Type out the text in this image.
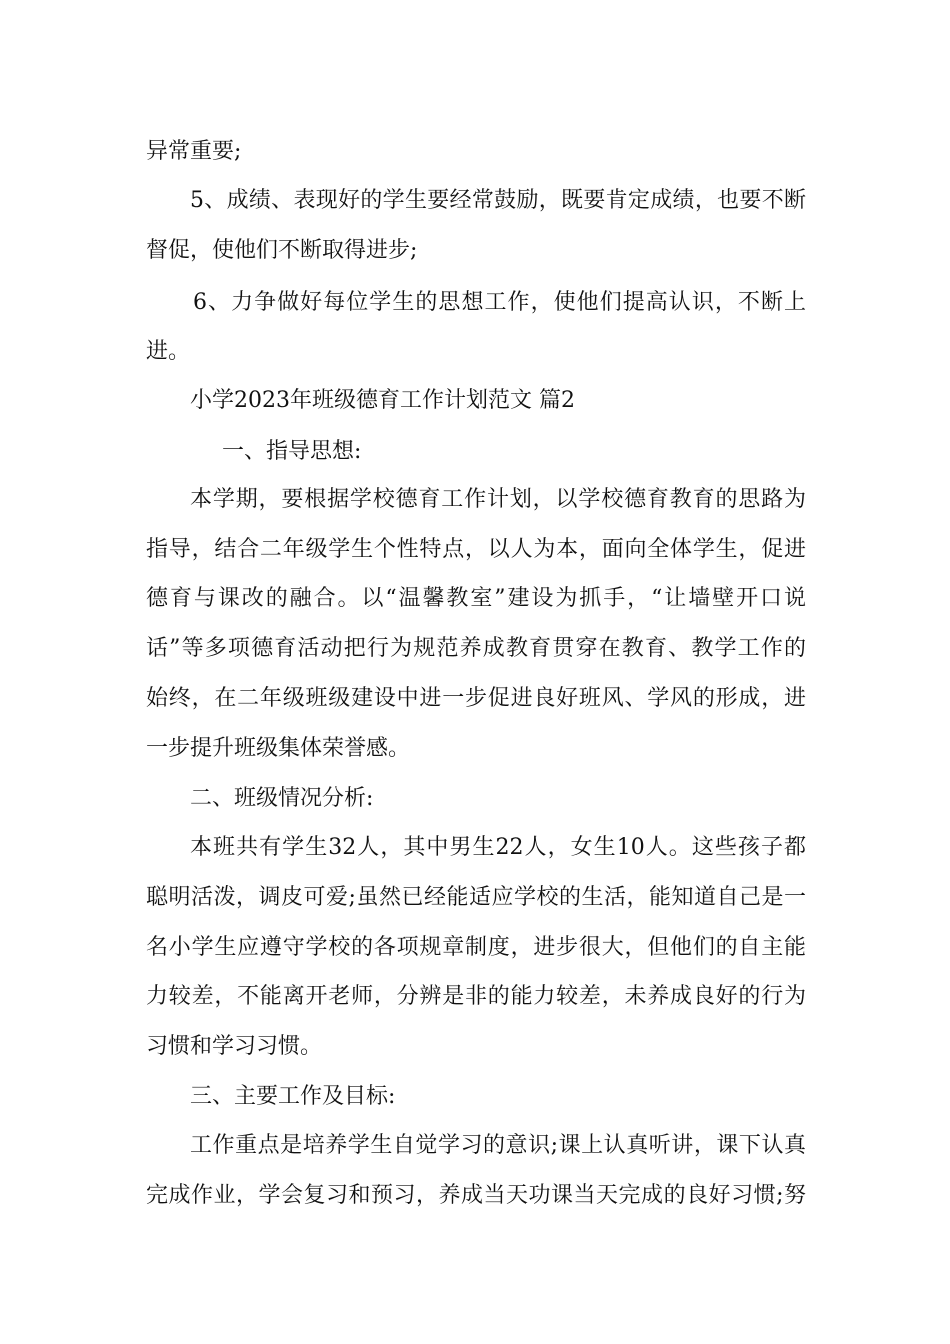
异常重要;
5、成绩、表现好的学生要经常鼓励，既要肯定成绩，也要不断
督促，使他们不断取得进步;
6、力争做好每位学生的思想工作，使他们提高认识，不断上
进。
小学2023年班级德育工作计划范文 篇2
一、指导思想:
本学期，要根据学校德育工作计划，以学校德育教育的思路为
指导，结合二年级学生个性特点，以人为本，面向全体学生，促进
德育与课改的融合。以“温馨教室”建设为抓手，“让墙壁开口说
话”等多项德育活动把行为规范养成教育贯穿在教育、教学工作的
始终，在二年级班级建设中进一步促进良好班风、学风的形成，进
一步提升班级集体荣誉感。
二、班级情况分析:
本班共有学生32人，其中男生22人，女生10人。这些孩子都
聪明活泼，调皮可爱;虽然已经能适应学校的生活，能知道自己是一
名小学生应遵守学校的各项规章制度，进步很大，但他们的自主能
力较差，不能离开老师，分辨是非的能力较差，未养成良好的行为
习惯和学习习惯。
三、主要工作及目标:
工作重点是培养学生自觉学习的意识;课上认真听讲，课下认真
完成作业，学会复习和预习，养成当天功课当天完成的良好习惯;努
